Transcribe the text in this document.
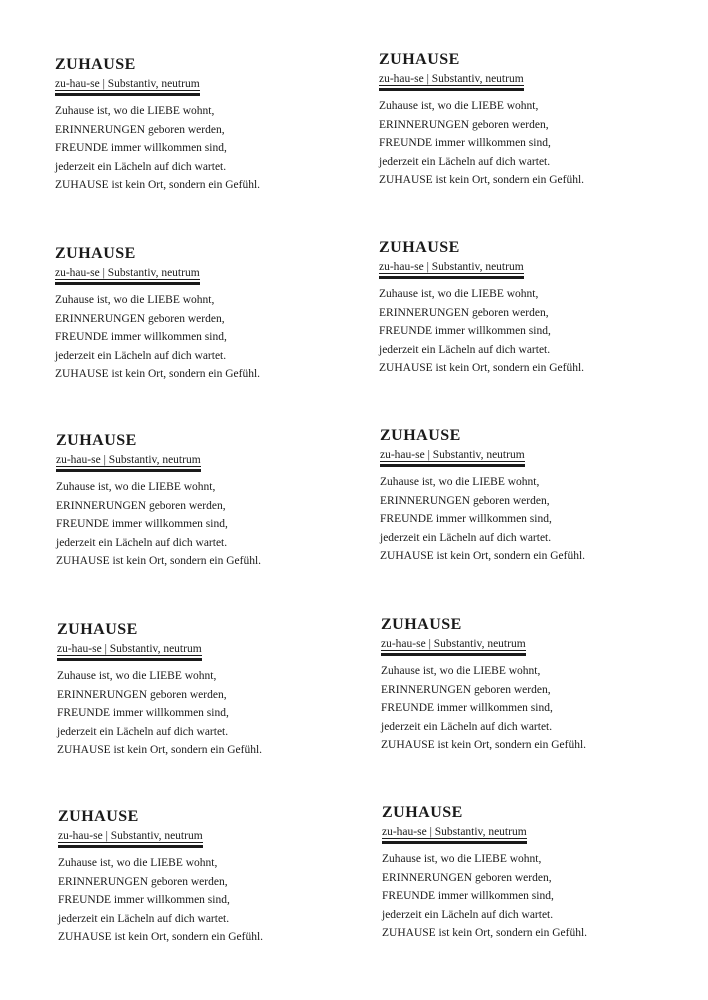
ZUHAUSE
zu-hau-se | Substantiv, neutrum
Zuhause ist, wo die LIEBE wohnt,
ERINNERUNGEN geboren werden,
FREUNDE immer willkommen sind,
jederzeit ein Lächeln auf dich wartet.
ZUHAUSE ist kein Ort, sondern ein Gefühl.
ZUHAUSE
zu-hau-se | Substantiv, neutrum
Zuhause ist, wo die LIEBE wohnt,
ERINNERUNGEN geboren werden,
FREUNDE immer willkommen sind,
jederzeit ein Lächeln auf dich wartet.
ZUHAUSE ist kein Ort, sondern ein Gefühl.
ZUHAUSE
zu-hau-se | Substantiv, neutrum
Zuhause ist, wo die LIEBE wohnt,
ERINNERUNGEN geboren werden,
FREUNDE immer willkommen sind,
jederzeit ein Lächeln auf dich wartet.
ZUHAUSE ist kein Ort, sondern ein Gefühl.
ZUHAUSE
zu-hau-se | Substantiv, neutrum
Zuhause ist, wo die LIEBE wohnt,
ERINNERUNGEN geboren werden,
FREUNDE immer willkommen sind,
jederzeit ein Lächeln auf dich wartet.
ZUHAUSE ist kein Ort, sondern ein Gefühl.
ZUHAUSE
zu-hau-se | Substantiv, neutrum
Zuhause ist, wo die LIEBE wohnt,
ERINNERUNGEN geboren werden,
FREUNDE immer willkommen sind,
jederzeit ein Lächeln auf dich wartet.
ZUHAUSE ist kein Ort, sondern ein Gefühl.
ZUHAUSE
zu-hau-se | Substantiv, neutrum
Zuhause ist, wo die LIEBE wohnt,
ERINNERUNGEN geboren werden,
FREUNDE immer willkommen sind,
jederzeit ein Lächeln auf dich wartet.
ZUHAUSE ist kein Ort, sondern ein Gefühl.
ZUHAUSE
zu-hau-se | Substantiv, neutrum
Zuhause ist, wo die LIEBE wohnt,
ERINNERUNGEN geboren werden,
FREUNDE immer willkommen sind,
jederzeit ein Lächeln auf dich wartet.
ZUHAUSE ist kein Ort, sondern ein Gefühl.
ZUHAUSE
zu-hau-se | Substantiv, neutrum
Zuhause ist, wo die LIEBE wohnt,
ERINNERUNGEN geboren werden,
FREUNDE immer willkommen sind,
jederzeit ein Lächeln auf dich wartet.
ZUHAUSE ist kein Ort, sondern ein Gefühl.
ZUHAUSE
zu-hau-se | Substantiv, neutrum
Zuhause ist, wo die LIEBE wohnt,
ERINNERUNGEN geboren werden,
FREUNDE immer willkommen sind,
jederzeit ein Lächeln auf dich wartet.
ZUHAUSE ist kein Ort, sondern ein Gefühl.
ZUHAUSE
zu-hau-se | Substantiv, neutrum
Zuhause ist, wo die LIEBE wohnt,
ERINNERUNGEN geboren werden,
FREUNDE immer willkommen sind,
jederzeit ein Lächeln auf dich wartet.
ZUHAUSE ist kein Ort, sondern ein Gefühl.
